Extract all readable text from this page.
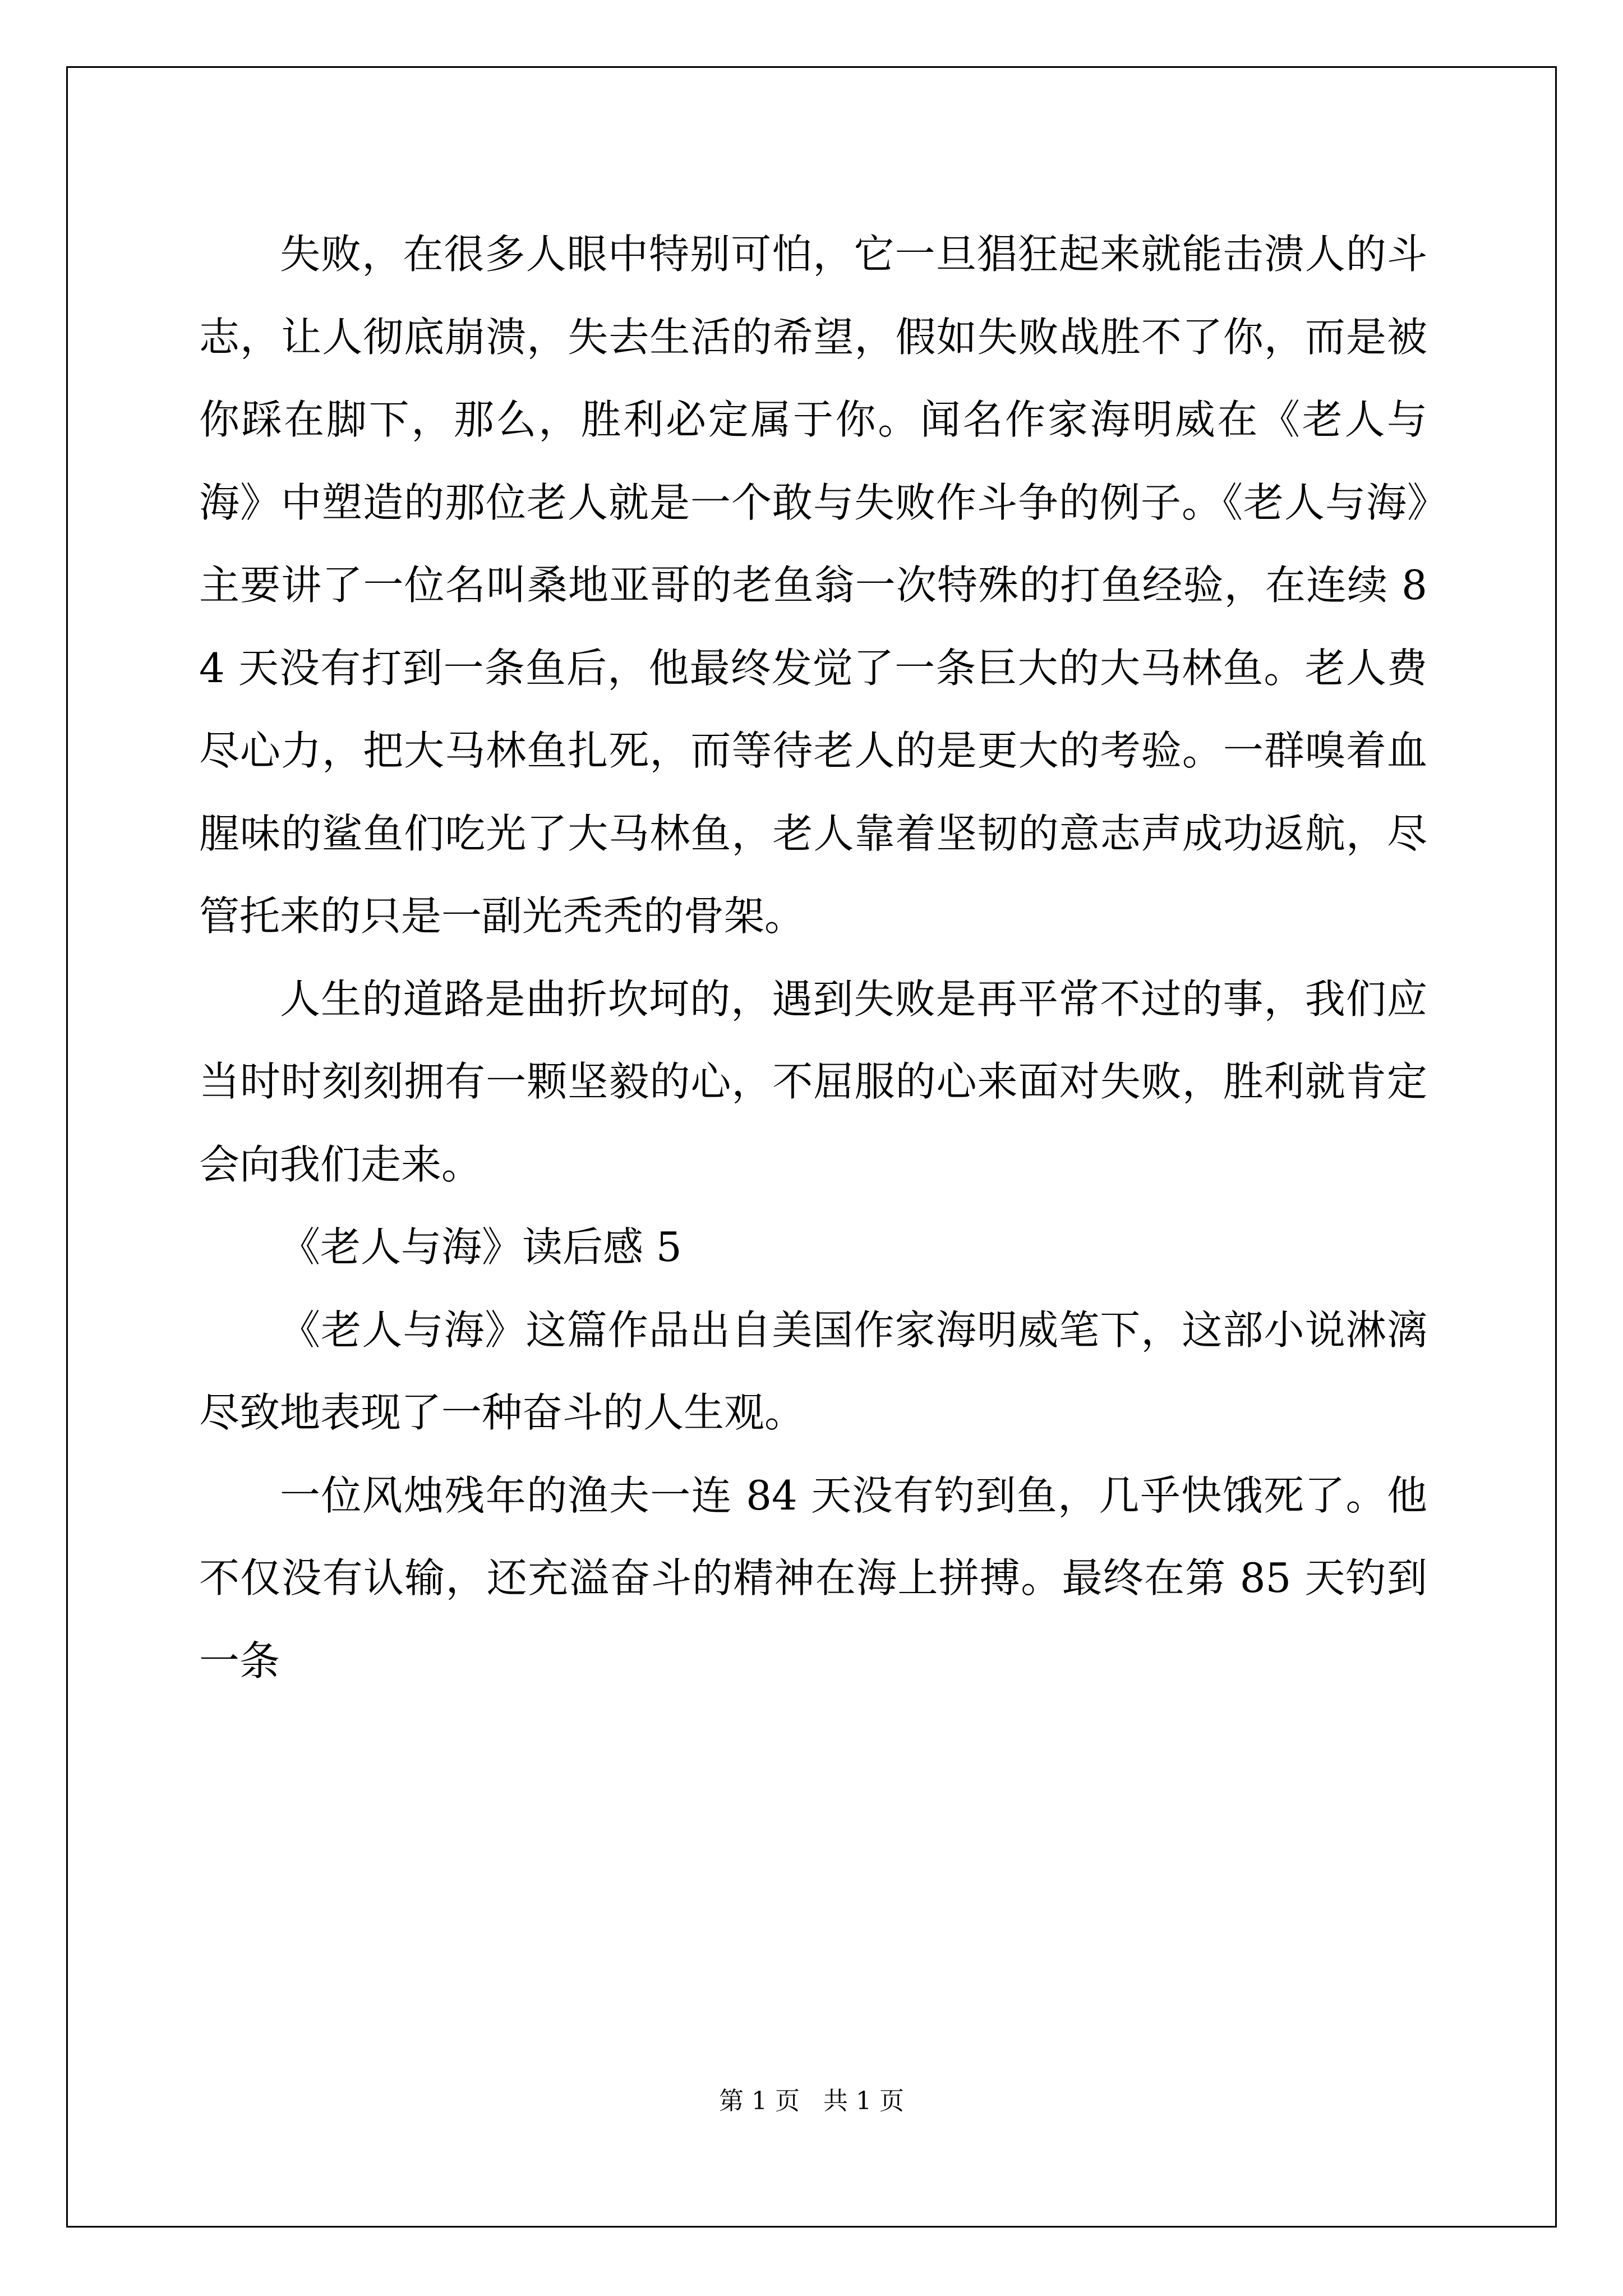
失败，在很多人眼中特别可怕，它一旦猖狂起来就能击溃人的斗志，让人彻底崩溃，失去生活的希望，假如失败战胜不了你，而是被你踩在脚下，那么，胜利必定属于你。闻名作家海明威在《老人与海》中塑造的那位老人就是一个敢与失败作斗争的例子。《老人与海》主要讲了一位名叫桑地亚哥的老鱼翁一次特殊的打鱼经验，在连续 84 天没有打到一条鱼后，他最终发觉了一条巨大的大马林鱼。老人费尽心力，把大马林鱼扎死，而等待老人的是更大的考验。一群嗅着血腥味的鲨鱼们吃光了大马林鱼，老人靠着坚韧的意志声成功返航，尽管托来的只是一副光秃秃的骨架。

人生的道路是曲折坎坷的，遇到失败是再平常不过的事，我们应当时时刻刻拥有一颗坚毅的心，不屈服的心来面对失败，胜利就肯定会向我们走来。

《老人与海》读后感 5

《老人与海》这篇作品出自美国作家海明威笔下，这部小说淋漓尽致地表现了一种奋斗的人生观。

一位风烛残年的渔夫一连 84 天没有钓到鱼，几乎快饿死了。他不仅没有认输，还充溢奋斗的精神在海上拼搏。最终在第 85 天钓到一条

第 1 页 共 1 页
